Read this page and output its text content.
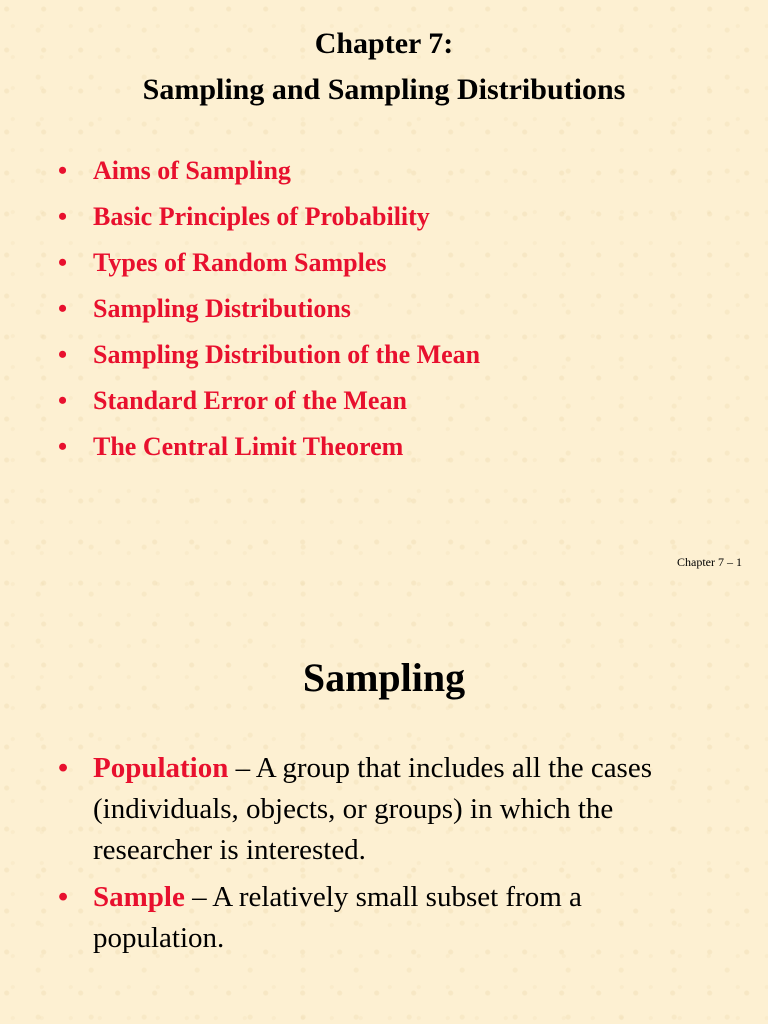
Chapter 7:
Sampling and Sampling Distributions
• Aims of Sampling
• Basic Principles of Probability
• Types of Random Samples
• Sampling Distributions
• Sampling Distribution of the Mean
• Standard Error of the Mean
• The Central Limit Theorem
Chapter 7 – 1
Sampling
• Population – A group that includes all the cases (individuals, objects, or groups) in which the researcher is interested.
• Sample – A relatively small subset from a population.
